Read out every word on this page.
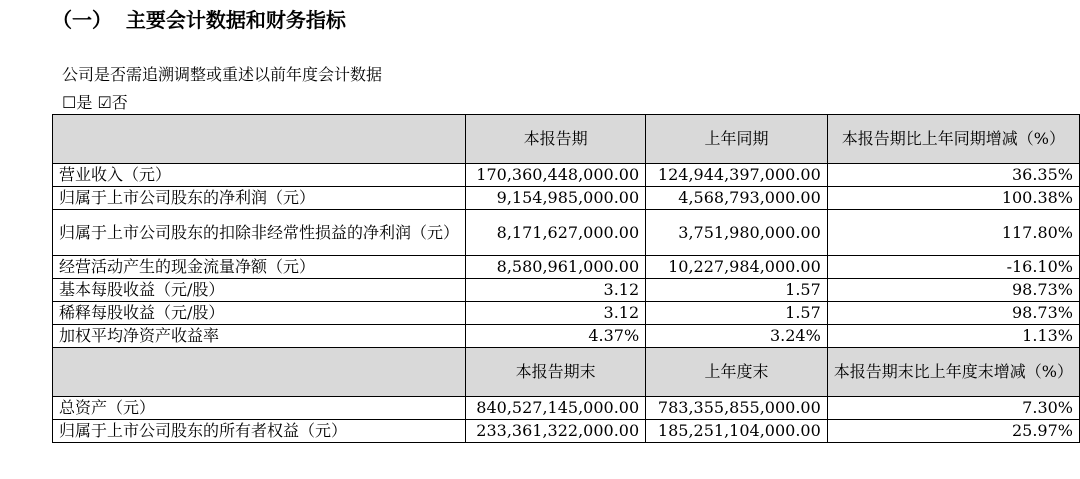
（一）  主要会计数据和财务指标
公司是否需追溯调整或重述以前年度会计数据
☐是 ☑否
	本报告期	上年同期	本报告期比上年同期增减（%）
营业收入（元）	170,360,448,000.00	124,944,397,000.00	36.35%
归属于上市公司股东的净利润（元）	9,154,985,000.00	4,568,793,000.00	100.38%
归属于上市公司股东的扣除非经常性损益的净利润（元）	8,171,627,000.00	3,751,980,000.00	117.80%
经营活动产生的现金流量净额（元）	8,580,961,000.00	10,227,984,000.00	-16.10%
基本每股收益（元/股）	3.12	1.57	98.73%
稀释每股收益（元/股）	3.12	1.57	98.73%
加权平均净资产收益率	4.37%	3.24%	1.13%
	本报告期末	上年度末	本报告期末比上年度末增减（%）
总资产（元）	840,527,145,000.00	783,355,855,000.00	7.30%
归属于上市公司股东的所有者权益（元）	233,361,322,000.00	185,251,104,000.00	25.97%
